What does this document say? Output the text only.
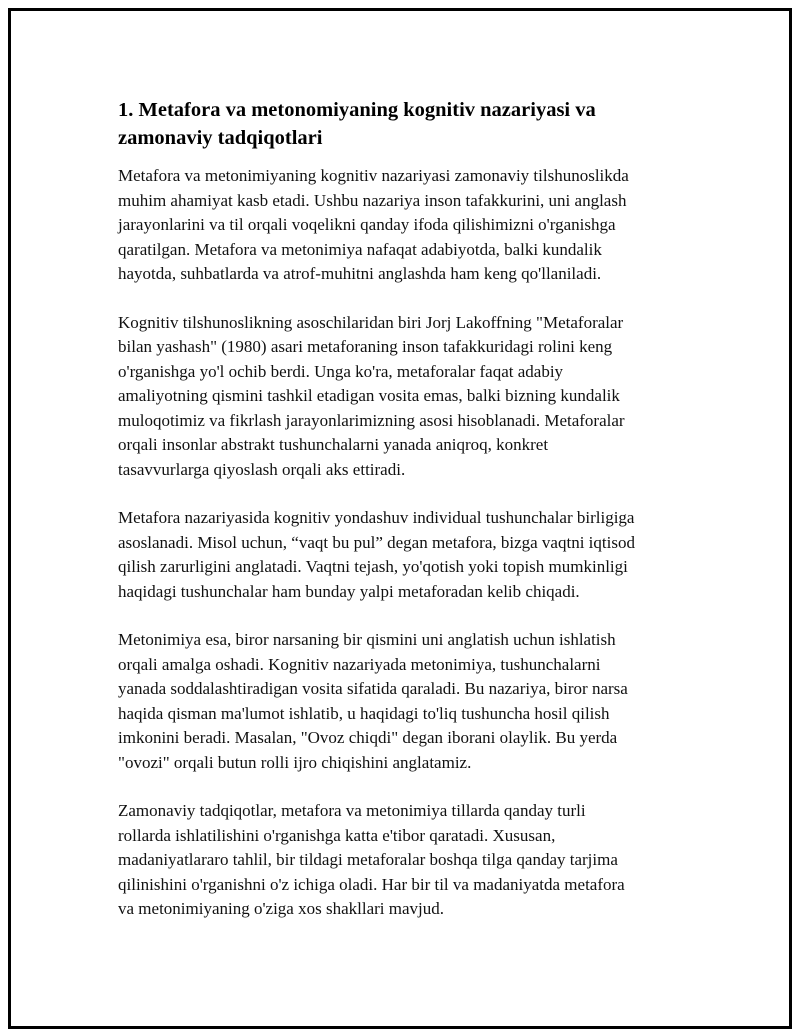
1. Metafora va metonomiyaning kognitiv nazariyasi va
zamonaviy tadqiqotlari

Metafora va metonimiyaning kognitiv nazariyasi zamonaviy tilshunoslikda
muhim ahamiyat kasb etadi. Ushbu nazariya inson tafakkurini, uni anglash
jarayonlarini va til orqali voqelikni qanday ifoda qilishimizni o'rganishga
qaratilgan. Metafora va metonimiya nafaqat adabiyotda, balki kundalik
hayotda, suhbatlarda va atrof-muhitni anglashda ham keng qo'llaniladi.

Kognitiv tilshunoslikning asoschilaridan biri Jorj Lakoffning "Metaforalar
bilan yashash" (1980) asari metaforaning inson tafakkuridagi rolini keng
o'rganishga yo'l ochib berdi. Unga ko'ra, metaforalar faqat adabiy
amaliyotning qismini tashkil etadigan vosita emas, balki bizning kundalik
muloqotimiz va fikrlash jarayonlarimizning asosi hisoblanadi. Metaforalar
orqali insonlar abstrakt tushunchalarni yanada aniqroq, konkret
tasavvurlarga qiyoslash orqali aks ettiradi.

Metafora nazariyasida kognitiv yondashuv individual tushunchalar birligiga
asoslanadi. Misol uchun, “vaqt bu pul” degan metafora, bizga vaqtni iqtisod
qilish zarurligini anglatadi. Vaqtni tejash, yo'qotish yoki topish mumkinligi
haqidagi tushunchalar ham bunday yalpi metaforadan kelib chiqadi.

Metonimiya esa, biror narsaning bir qismini uni anglatish uchun ishlatish
orqali amalga oshadi. Kognitiv nazariyada metonimiya, tushunchalarni
yanada soddalashtiradigan vosita sifatida qaraladi. Bu nazariya, biror narsa
haqida qisman ma'lumot ishlatib, u haqidagi to'liq tushuncha hosil qilish
imkonini beradi. Masalan, "Ovoz chiqdi" degan iborani olaylik. Bu yerda
"ovozi" orqali butun rolli ijro chiqishini anglatamiz.

Zamonaviy tadqiqotlar, metafora va metonimiya tillarda qanday turli
rollarda ishlatilishini o'rganishga katta e'tibor qaratadi. Xususan,
madaniyatlararo tahlil, bir tildagi metaforalar boshqa tilga qanday tarjima
qilinishini o'rganishni o'z ichiga oladi. Har bir til va madaniyatda metafora
va metonimiyaning o'ziga xos shakllari mavjud.
